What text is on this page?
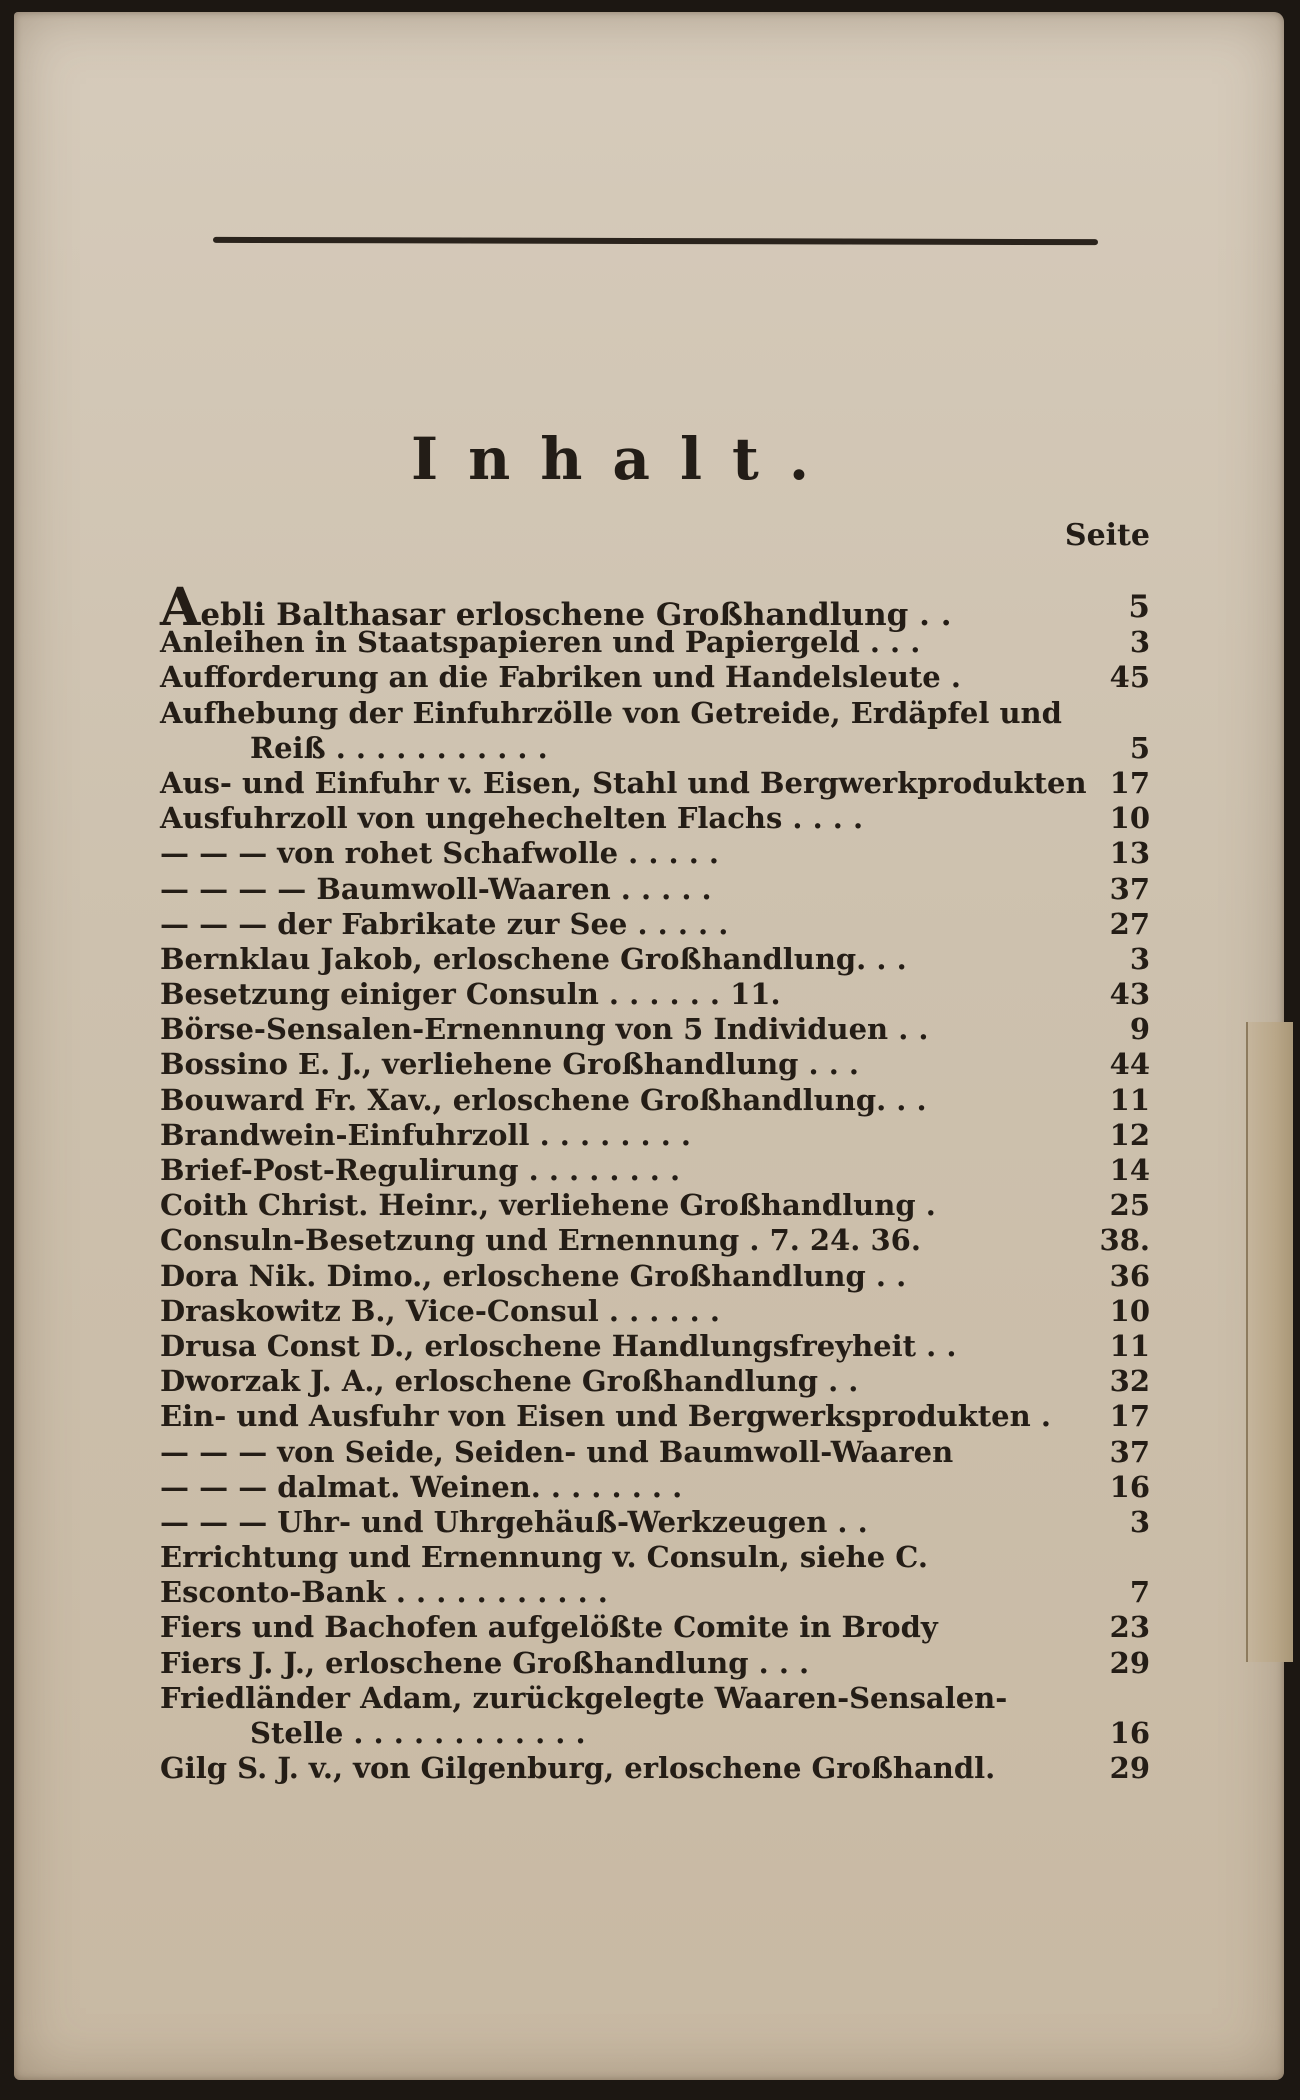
Inhalt.
Seite
Aebli Balthasar erloschene Großhandlung . .	5
Anleihen in Staatspapieren und Papiergeld . . .	3
Aufforderung an die Fabriken und Handelsleute .	45
Aufhebung der Einfuhrzölle von Getreide, Erdäpfel und
Reiß . . . . . . . . . . .	5
Aus- und Einfuhr v. Eisen, Stahl und Bergwerkprodukten 17
Ausfuhrzoll von ungehechelten Flachs . . . .	10
— — — von rohet Schafwolle . . . . .	13
— — — — Baumwoll-Waaren . . . . .	37
— — — der Fabrikate zur See . . . . .	27
Bernklau Jakob, erloschene Großhandlung. . .	3
Besetzung einiger Consuln . . . . . . 11.	43
Börse-Sensalen-Ernennung von 5 Individuen . .	9
Bossino E. J., verliehene Großhandlung . . .	44
Bouward Fr. Xav., erloschene Großhandlung. . .	11
Brandwein-Einfuhrzoll . . . . . . . .	12
Brief-Post-Regulirung . . . . . . . .	14
Coith Christ. Heinr., verliehene Großhandlung .	25
Consuln-Besetzung und Ernennung . 7. 24. 36.	38.
Dora Nik. Dimo., erloschene Großhandlung . .	36
Draskowitz B., Vice-Consul . . . . . .	10
Drusa Const D., erloschene Handlungsfreyheit . .	11
Dworzak J. A., erloschene Großhandlung . .	32
Ein- und Ausfuhr von Eisen und Bergwerksprodukten . 17
— — — von Seide, Seiden- und Baumwoll-Waaren	37
— — — dalmat. Weinen. . . . . . . .	16
— — — Uhr- und Uhrgehäuß-Werkzeugen . .	3
Errichtung und Ernennung v. Consuln, siehe C.
Esconto-Bank . . . . . . . . . . .	7
Fiers und Bachofen aufgelößte Comite in Brody	23
Fiers J. J., erloschene Großhandlung . . .	29
Friedländer Adam, zurückgelegte Waaren-Sensalen-
Stelle . . . . . . . . . . . .	16
Gilg S. J. v., von Gilgenburg, erloschene Großhandl.	29
